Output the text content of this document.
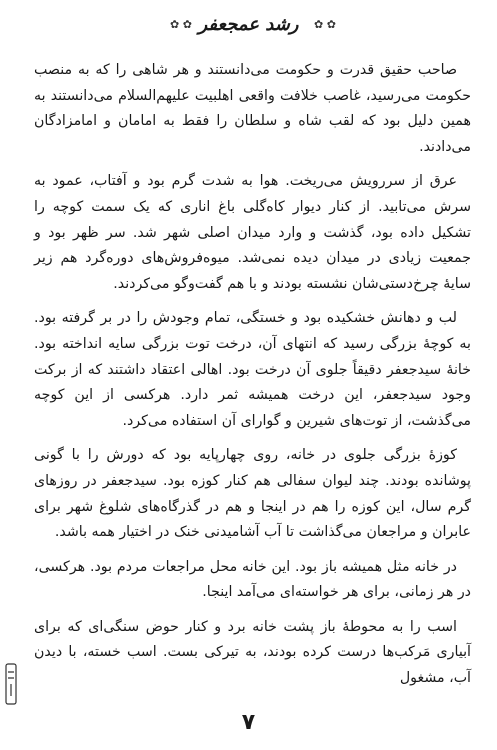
✿ ✿ رشد عمجعفر	✿ ✿

صاحب حقیق قدرت و حکومت می‌دانستند و هر شاهی را که به منصب حکومت می‌رسید، غاصب خلافت واقعی اهلبیت علیهم‌السلام می‌دانستند به همین دلیل بود که لقب شاه و سلطان را فقط به امامان و امامزادگان می‌دادند.

عرق از سررویش می‌ریخت. هوا به شدت گرم بود و آفتاب، عمود به سرش می‌تابید. از کنار دیوار کاه‌گلی باغ اناری که یک سمت کوچه را تشکیل داده بود، گذشت و وارد میدان اصلی شهر شد. سر ظهر بود و جمعیت زیادی در میدان دیده نمی‌شد. میوه‌فروش‌های دوره‌گرد هم زیر سایهٔ چرخ‌دستی‌شان نشسته بودند و با هم گفت‌وگو می‌کردند.

لب و دهانش خشکیده بود و خستگی، تمام وجودش را در بر گرفته بود. به کوچهٔ بزرگی رسید که انتهای آن، درخت توت بزرگی سایه انداخته بود. خانهٔ سیدجعفر دقیقاً جلوی آن درخت بود. اهالی اعتقاد داشتند که از برکت وجود سیدجعفر، این درخت همیشه ثمر دارد. هرکسی از این کوچه می‌گذشت، از توت‌های شیرین و گوارای آن استفاده می‌کرد.

کوزهٔ بزرگی جلوی در خانه، روی چهارپایه بود که دورش را با گونی پوشانده بودند. چند لیوان سفالی هم کنار کوزه بود. سیدجعفر در روزهای گرم سال، این کوزه را هم در اینجا و هم در گذرگاه‌های شلوغ شهر برای عابران و مراجعان می‌گذاشت تا آب آشامیدنی خنک در اختیار همه باشد.

در خانه مثل همیشه باز بود. این خانه محل مراجعات مردم بود. هرکسی، در هر زمانی، برای هر خواسته‌ای می‌آمد اینجا.

اسب را به محوطهٔ باز پشت خانه برد و کنار حوض سنگی‌ای که برای آبیاری مَرکب‌ها درست کرده بودند، به تیرکی بست. اسب خسته، با دیدن آب، مشغول

۷
